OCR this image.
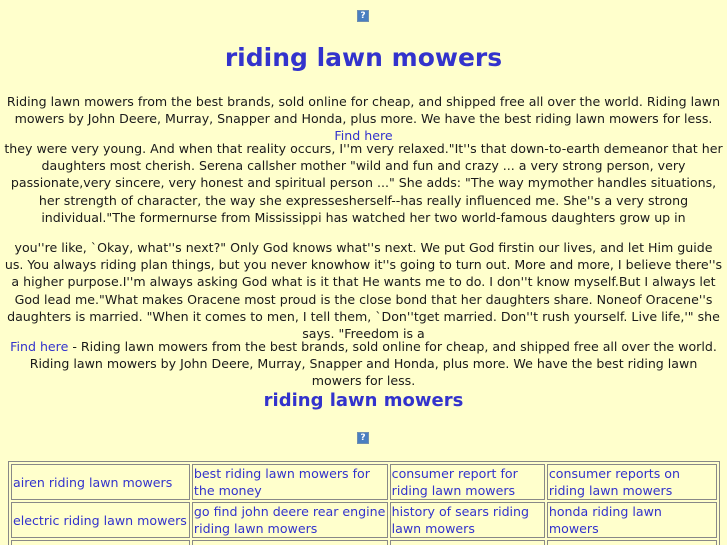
?
riding lawn mowers

Riding lawn mowers from the best brands, sold online for cheap, and shipped free all over the world. Riding lawn mowers by John Deere, Murray, Snapper and Honda, plus more. We have the best riding lawn mowers for less. Find here

they were very young. And when that reality occurs, I''m very relaxed."It''s that down-to-earth demeanor that her daughters most cherish. Serena callsher mother "wild and fun and crazy ... a very strong person, very passionate,very sincere, very honest and spiritual person ..." She adds: "The way mymother handles situations, her strength of character, the way she expressesherself--has really influenced me. She''s a very strong individual."The formernurse from Mississippi has watched her two world-famous daughters grow up in

you''re like, `Okay, what''s next?" Only God knows what''s next. We put God firstin our lives, and let Him guide us. You always riding plan things, but you never knowhow it''s going to turn out. More and more, I believe there''s a higher purpose.I''m always asking God what is it that He wants me to do. I don''t know myself.But I always let God lead me."What makes Oracene most proud is the close bond that her daughters share. Noneof Oracene''s daughters is married. "When it comes to men, I tell them, `Don''tget married. Don''t rush yourself. Live life,'" she says. "Freedom is a

Find here - Riding lawn mowers from the best brands, sold online for cheap, and shipped free all over the world. Riding lawn mowers by John Deere, Murray, Snapper and Honda, plus more. We have the best riding lawn mowers for less.

riding lawn mowers
?
airen riding lawn mowers	best riding lawn mowers for the money	consumer report for riding lawn mowers	consumer reports on riding lawn mowers
electric riding lawn mowers	go find john deere rear engine riding lawn mowers	history of sears riding lawn mowers	honda riding lawn mowers
